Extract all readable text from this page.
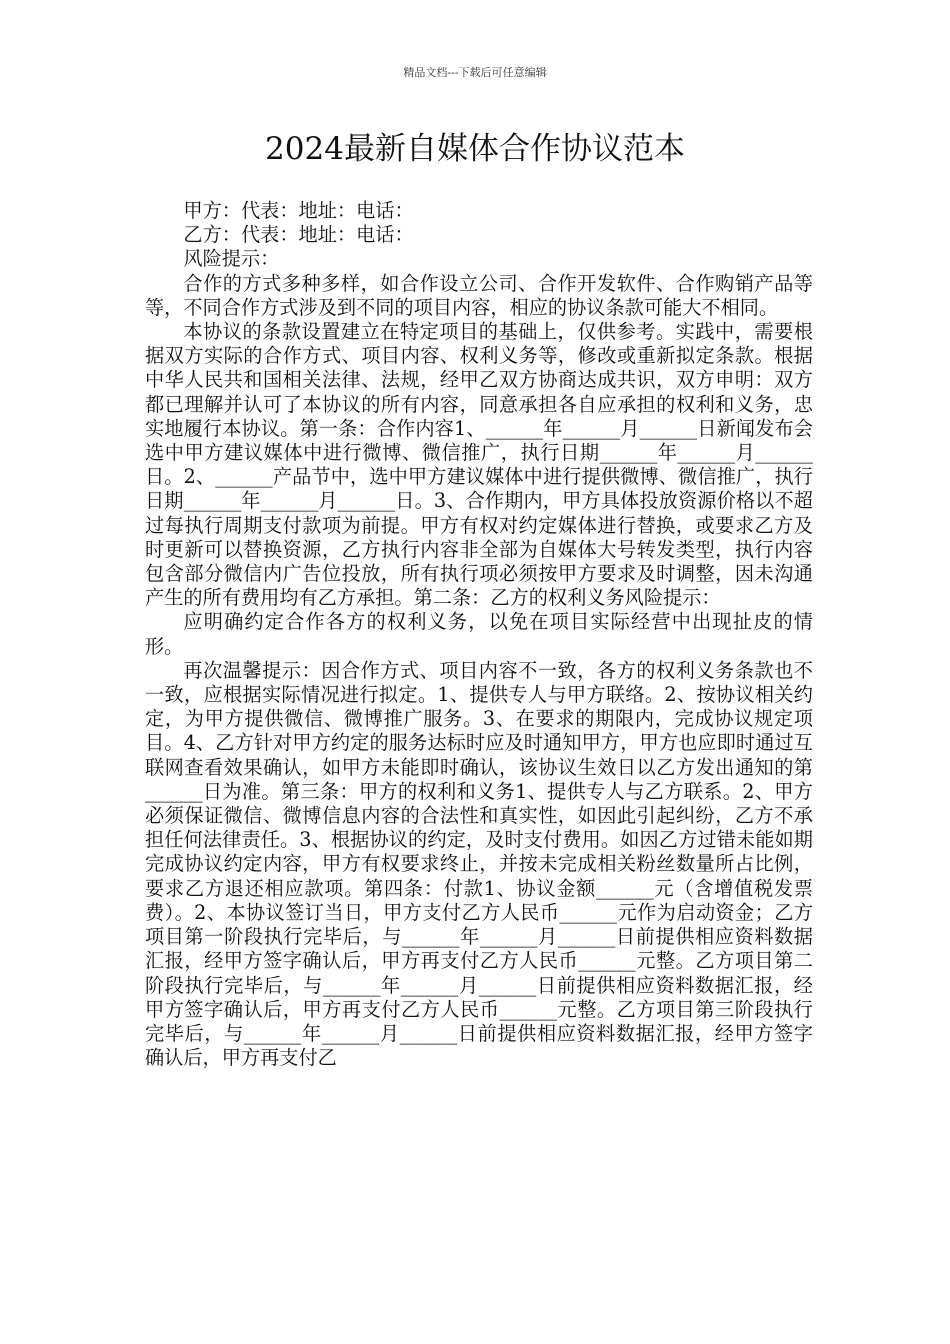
精品文档---下载后可任意编辑
2024最新自媒体合作协议范本

甲方：代表：地址：电话：

乙方：代表：地址：电话：

风险提示：

合作的方式多种多样，如合作设立公司、合作开发软件、合作购销产品等等，不同合作方式涉及到不同的项目内容，相应的协议条款可能大不相同。

本协议的条款设置建立在特定项目的基础上，仅供参考。实践中，需要根据双方实际的合作方式、项目内容、权利义务等，修改或重新拟定条款。根据中华人民共和国相关法律、法规，经甲乙双方协商达成共识，双方申明：双方都已理解并认可了本协议的所有内容，同意承担各自应承担的权利和义务，忠实地履行本协议。第一条：合作内容1、______年______月______日新闻发布会选中甲方建议媒体中进行微博、微信推广，执行日期______年______月______日。2、______产品节中，选中甲方建议媒体中进行提供微博、微信推广，执行日期______年______月______日。3、合作期内，甲方具体投放资源价格以不超过每执行周期支付款项为前提。甲方有权对约定媒体进行替换，或要求乙方及时更新可以替换资源，乙方执行内容非全部为自媒体大号转发类型，执行内容包含部分微信内广告位投放，所有执行项必须按甲方要求及时调整，因未沟通产生的所有费用均有乙方承担。第二条：乙方的权利义务风险提示：

应明确约定合作各方的权利义务，以免在项目实际经营中出现扯皮的情形。

再次温馨提示：因合作方式、项目内容不一致，各方的权利义务条款也不一致，应根据实际情况进行拟定。1、提供专人与甲方联络。2、按协议相关约定，为甲方提供微信、微博推广服务。3、在要求的期限内，完成协议规定项目。4、乙方针对甲方约定的服务达标时应及时通知甲方，甲方也应即时通过互联网查看效果确认，如甲方未能即时确认，该协议生效日以乙方发出通知的第______日为准。第三条：甲方的权利和义务1、提供专人与乙方联系。2、甲方必须保证微信、微博信息内容的合法性和真实性，如因此引起纠纷，乙方不承担任何法律责任。3、根据协议的约定，及时支付费用。如因乙方过错未能如期完成协议约定内容，甲方有权要求终止，并按未完成相关粉丝数量所占比例，要求乙方退还相应款项。第四条：付款1、协议金额______元（含增值税发票费）。2、本协议签订当日，甲方支付乙方人民币______元作为启动资金；乙方项目第一阶段执行完毕后，与______年______月______日前提供相应资料数据汇报，经甲方签字确认后，甲方再支付乙方人民币______元整。乙方项目第二阶段执行完毕后，与______年______月______日前提供相应资料数据汇报，经甲方签字确认后，甲方再支付乙方人民币______元整。乙方项目第三阶段执行完毕后，与______年______月______日前提供相应资料数据汇报，经甲方签字确认后，甲方再支付乙
